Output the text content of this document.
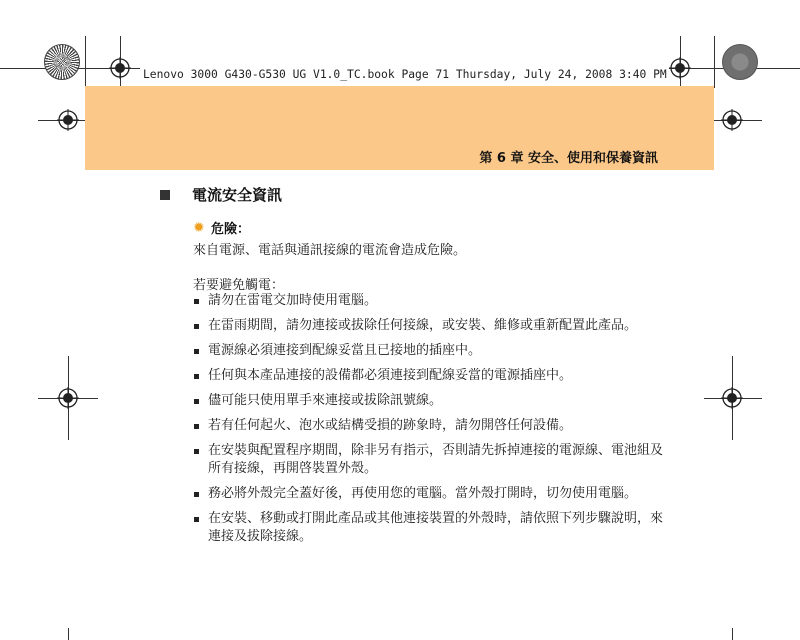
Lenovo 3000 G430-G530 UG V1.0_TC.book Page 71 Thursday, July 24, 2008 3:40 PM
第 6 章 安全、使用和保養資訊
電流安全資訊
✹ 危險：
來自電源、電話與通訊接線的電流會造成危險。
若要避免觸電：
請勿在雷電交加時使用電腦。
在雷雨期間，請勿連接或拔除任何接線，或安裝、維修或重新配置此產品。
電源線必須連接到配線妥當且已接地的插座中。
任何與本產品連接的設備都必須連接到配線妥當的電源插座中。
儘可能只使用單手來連接或拔除訊號線。
若有任何起火、泡水或結構受損的跡象時，請勿開啓任何設備。
在安裝與配置程序期間，除非另有指示，否則請先拆掉連接的電源線、電池組及所有接線，再開啓裝置外殼。
務必將外殼完全蓋好後，再使用您的電腦。當外殼打開時，切勿使用電腦。
在安裝、移動或打開此產品或其他連接裝置的外殼時，請依照下列步驟說明，來連接及拔除接線。
